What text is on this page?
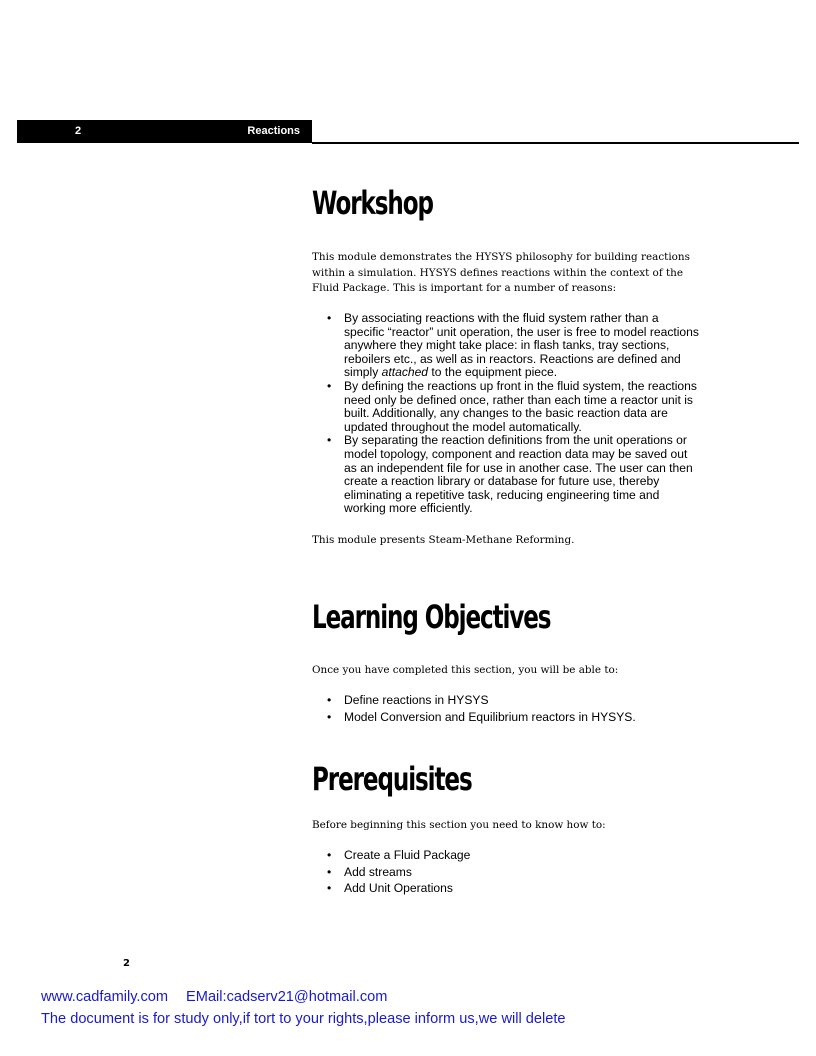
2	Reactions
Workshop

This module demonstrates the HYSYS philosophy for building reactions within a simulation. HYSYS defines reactions within the context of the Fluid Package. This is important for a number of reasons:

• By associating reactions with the fluid system rather than a specific “reactor” unit operation, the user is free to model reactions anywhere they might take place: in flash tanks, tray sections, reboilers etc., as well as in reactors. Reactions are defined and simply attached to the equipment piece.
• By defining the reactions up front in the fluid system, the reactions need only be defined once, rather than each time a reactor unit is built. Additionally, any changes to the basic reaction data are updated throughout the model automatically.
• By separating the reaction definitions from the unit operations or model topology, component and reaction data may be saved out as an independent file for use in another case. The user can then create a reaction library or database for future use, thereby eliminating a repetitive task, reducing engineering time and working more efficiently.

This module presents Steam-Methane Reforming.

Learning Objectives

Once you have completed this section, you will be able to:

• Define reactions in HYSYS
• Model Conversion and Equilibrium reactors in HYSYS.
Prerequisites

Before beginning this section you need to know how to:

• Create a Fluid Package
• Add streams
• Add Unit Operations
2
www.cadfamily.com EMail:cadserv21@hotmail.com
The document is for study only,if tort to your rights,please inform us,we will delete
